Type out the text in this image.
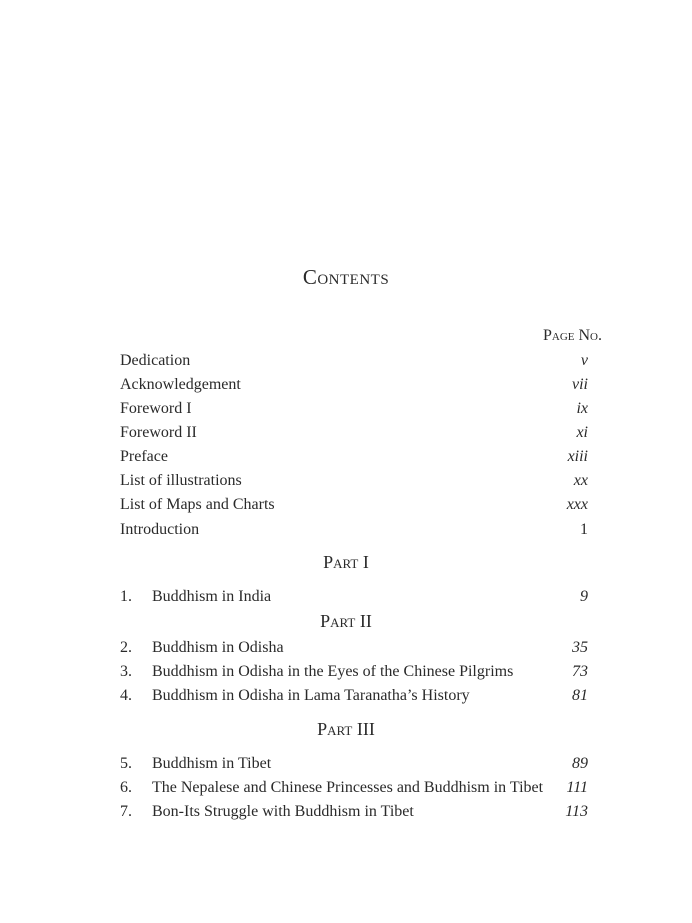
Contents
Page No.
Dedication	v
Acknowledgement	vii
Foreword I	ix
Foreword II	xi
Preface	xiii
List of illustrations	xx
List of Maps and Charts	xxx
Introduction	1
Part I
1.	Buddhism in India	9
Part II
2.	Buddhism in Odisha	35
3.	Buddhism in Odisha in the Eyes of the Chinese Pilgrims	73
4.	Buddhism in Odisha in Lama Taranatha’s History	81
Part III
5.	Buddhism in Tibet	89
6.	The Nepalese and Chinese Princesses and Buddhism in Tibet	111
7.	Bon-Its Struggle with Buddhism in Tibet	113
